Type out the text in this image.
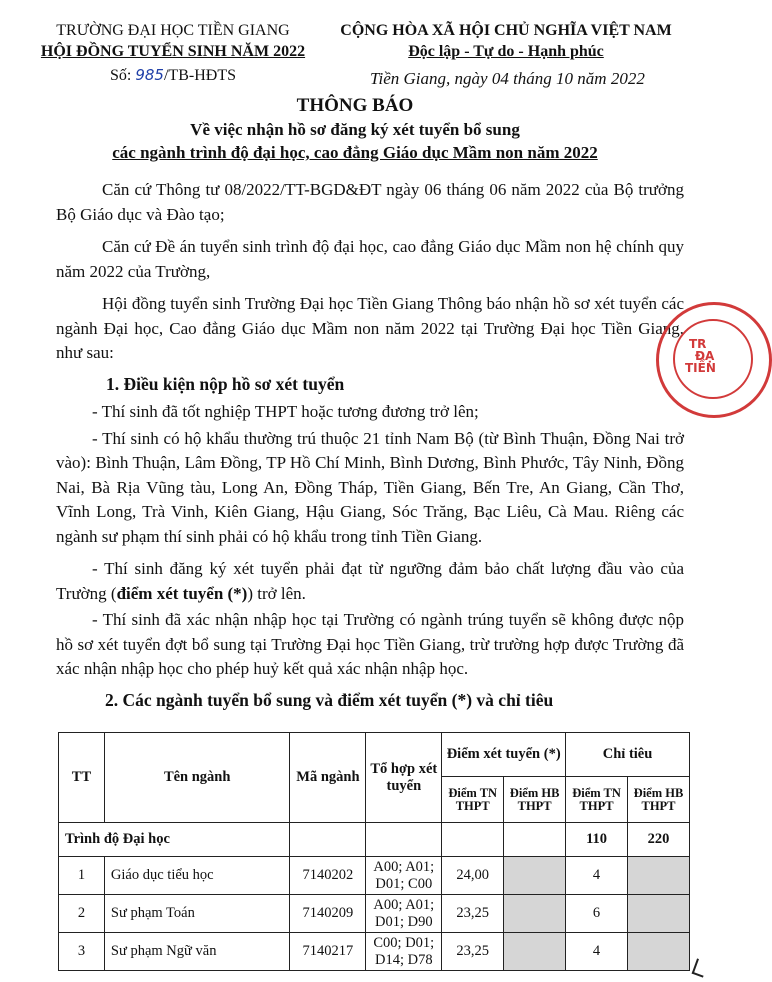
TRƯỜNG ĐẠI HỌC TIỀN GIANG
HỘI ĐỒNG TUYỂN SINH NĂM 2022
Số: 985/TB-HĐTS
CỘNG HÒA XÃ HỘI CHỦ NGHĨA VIỆT NAM
Độc lập - Tự do - Hạnh phúc
Tiền Giang, ngày 04 tháng 10 năm 2022
THÔNG BÁO
Về việc nhận hồ sơ đăng ký xét tuyển bổ sung
các ngành trình độ đại học, cao đẳng Giáo dục Mầm non năm 2022

Căn cứ Thông tư 08/2022/TT-BGD&ĐT ngày 06 tháng 06 năm 2022 của Bộ trưởng Bộ Giáo dục và Đào tạo;

Căn cứ Đề án tuyển sinh trình độ đại học, cao đẳng Giáo dục Mầm non hệ chính quy năm 2022 của Trường,

Hội đồng tuyển sinh Trường Đại học Tiền Giang Thông báo nhận hồ sơ xét tuyển các ngành Đại học, Cao đẳng Giáo dục Mầm non năm 2022 tại Trường Đại học Tiền Giang, như sau:

1. Điều kiện nộp hồ sơ xét tuyển

- Thí sinh đã tốt nghiệp THPT hoặc tương đương trở lên;

- Thí sinh có hộ khẩu thường trú thuộc 21 tỉnh Nam Bộ (từ Bình Thuận, Đồng Nai trở vào): Bình Thuận, Lâm Đồng, TP Hồ Chí Minh, Bình Dương, Bình Phước, Tây Ninh, Đồng Nai, Bà Rịa Vũng tàu, Long An, Đồng Tháp, Tiền Giang, Bến Tre, An Giang, Cần Thơ, Vĩnh Long, Trà Vinh, Kiên Giang, Hậu Giang, Sóc Trăng, Bạc Liêu, Cà Mau. Riêng các ngành sư phạm thí sinh phải có hộ khẩu trong tỉnh Tiền Giang.

- Thí sinh đăng ký xét tuyển phải đạt từ ngưỡng đảm bảo chất lượng đầu vào của Trường (điểm xét tuyển (*)) trở lên.

- Thí sinh đã xác nhận nhập học tại Trường có ngành trúng tuyển sẽ không được nộp hồ sơ xét tuyển đợt bổ sung tại Trường Đại học Tiền Giang, trừ trường hợp được Trường đã xác nhận nhập học cho phép huỷ kết quả xác nhận nhập học.

2. Các ngành tuyển bổ sung và điểm xét tuyển (*) và chỉ tiêu
TT	Tên ngành	Mã ngành	Tổ hợp xét tuyển	Điểm xét tuyển (*)		Chỉ tiêu	
				Điểm TN THPT	Điểm HB THPT	Điểm TN THPT	Điểm HB THPT
Trình độ Đại học						110	220
1	Giáo dục tiểu học	7140202	A00; A01; D01; C00	24,00		4	
2	Sư phạm Toán	7140209	A00; A01; D01; D90	23,25		6	
3	Sư phạm Ngữ văn	7140217	C00; D01; D14; D78	23,25		4	
TR
ĐẠ
TIỀN
